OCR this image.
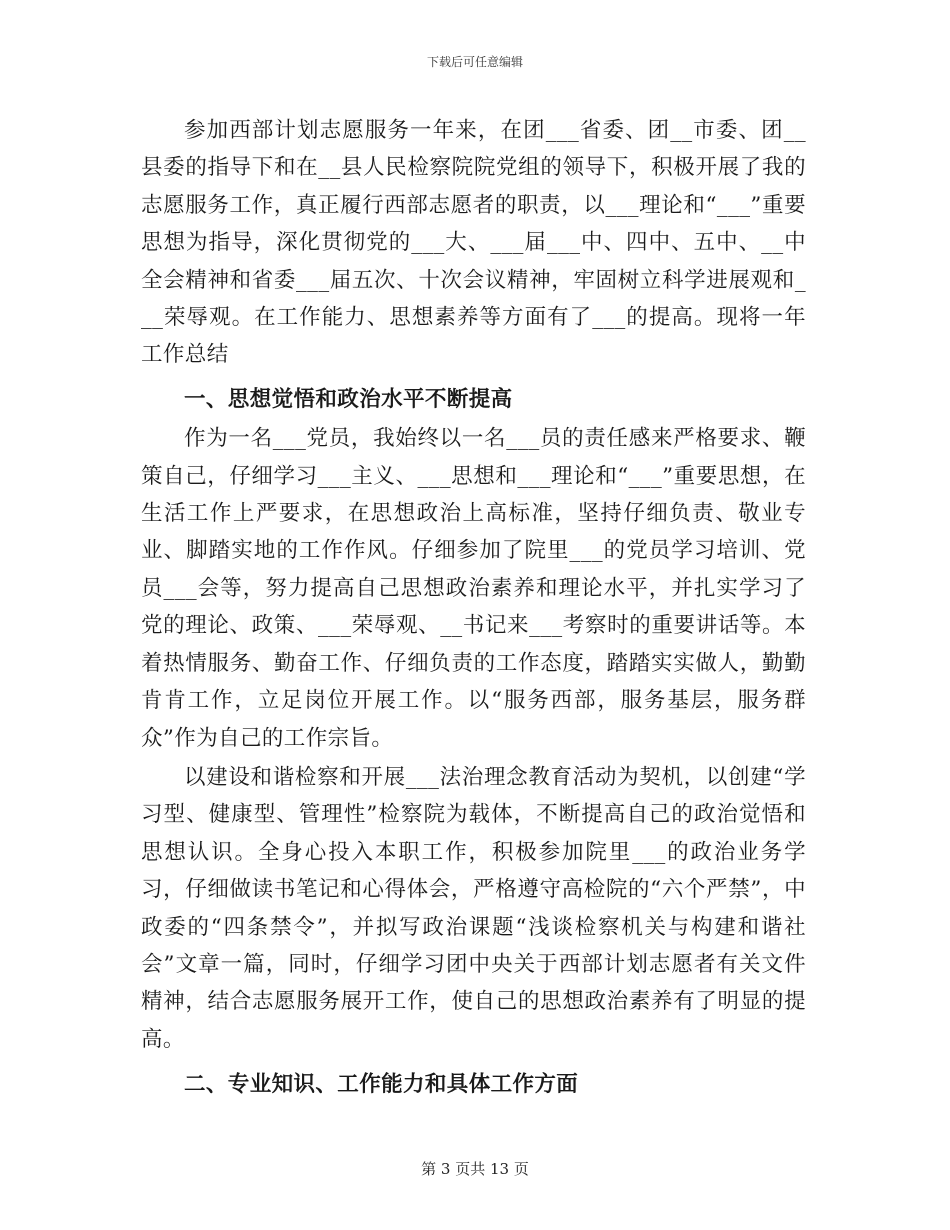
下载后可任意编辑

参加西部计划志愿服务一年来，在团___省委、团__市委、团__县委的指导下和在__县人民检察院院党组的领导下，积极开展了我的志愿服务工作，真正履行西部志愿者的职责，以___理论和“___”重要思想为指导，深化贯彻党的___大、___届___中、四中、五中、__中全会精神和省委___届五次、十次会议精神，牢固树立科学进展观和___荣辱观。在工作能力、思想素养等方面有了___的提高。现将一年工作总结

一、思想觉悟和政治水平不断提高

作为一名___党员，我始终以一名___员的责任感来严格要求、鞭策自己，仔细学习___主义、___思想和___理论和“___”重要思想，在生活工作上严要求，在思想政治上高标准，坚持仔细负责、敬业专业、脚踏实地的工作作风。仔细参加了院里___的党员学习培训、党员___会等，努力提高自己思想政治素养和理论水平，并扎实学习了党的理论、政策、___荣辱观、__书记来___考察时的重要讲话等。本着热情服务、勤奋工作、仔细负责的工作态度，踏踏实实做人，勤勤肯肯工作，立足岗位开展工作。以“服务西部，服务基层，服务群众”作为自己的工作宗旨。

以建设和谐检察和开展___法治理念教育活动为契机，以创建“学习型、健康型、管理性”检察院为载体，不断提高自己的政治觉悟和思想认识。全身心投入本职工作，积极参加院里___的政治业务学习，仔细做读书笔记和心得体会，严格遵守高检院的“六个严禁”，中政委的“四条禁令”，并拟写政治课题“浅谈检察机关与构建和谐社会”文章一篇，同时，仔细学习团中央关于西部计划志愿者有关文件精神，结合志愿服务展开工作，使自己的思想政治素养有了明显的提高。

二、专业知识、工作能力和具体工作方面

第 3 页共 13 页
